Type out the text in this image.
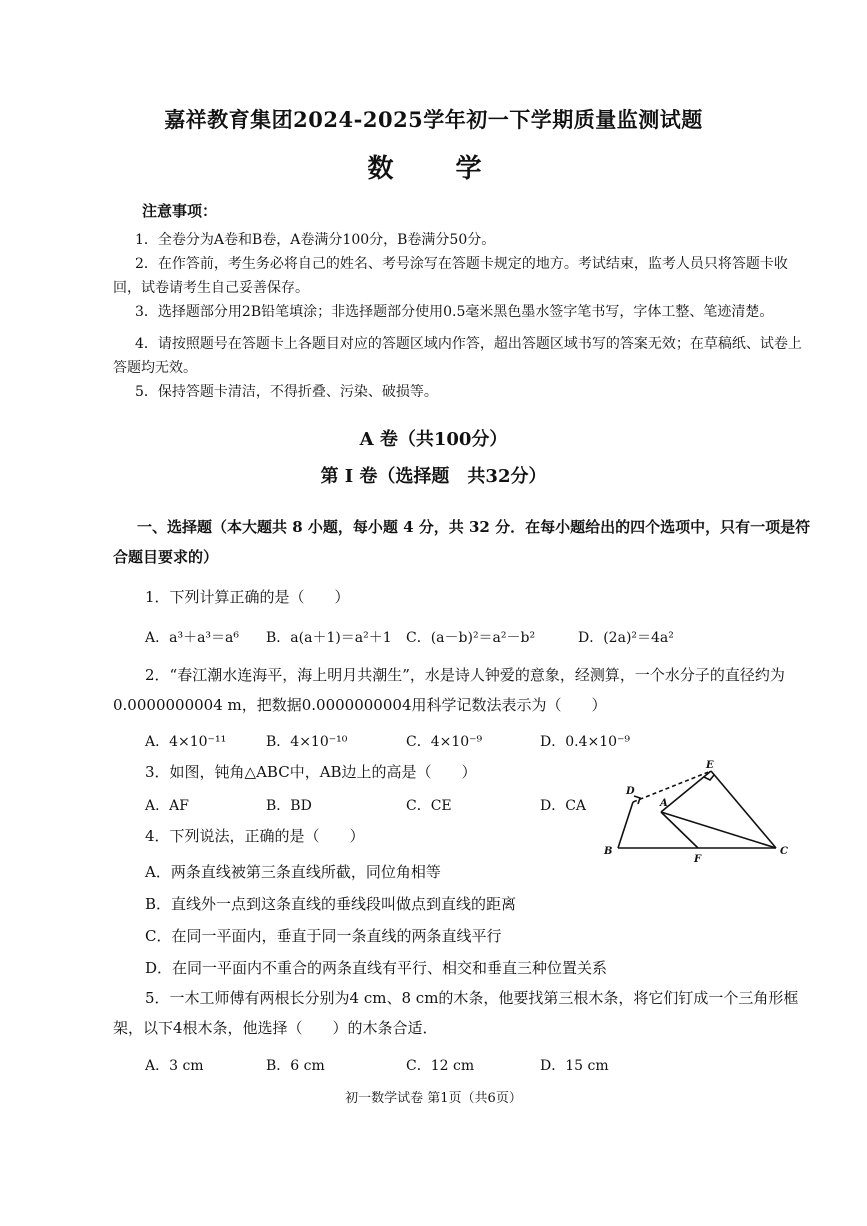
嘉祥教育集团2024-2025学年初一下学期质量监测试题
数　学
注意事项：
1．全卷分为A卷和B卷，A卷满分100分，B卷满分50分。
2．在作答前，考生务必将自己的姓名、考号涂写在答题卡规定的地方。考试结束，监考人员只将答题卡收回，试卷请考生自己妥善保存。
3．选择题部分用2B铅笔填涂；非选择题部分使用0.5毫米黑色墨水签字笔书写，字体工整、笔迹清楚。
4．请按照题号在答题卡上各题目对应的答题区域内作答，超出答题区域书写的答案无效；在草稿纸、试卷上答题均无效。
5．保持答题卡清洁，不得折叠、污染、破损等。
A 卷（共100分）
第 I 卷（选择题　共32分）
一、选择题（本大题共 8 小题，每小题 4 分，共 32 分．在每小题给出的四个选项中，只有一项是符合题目要求的）
1．下列计算正确的是（　　）
A．a³＋a³＝a⁶ B．a(a＋1)＝a²＋1 C．(a－b)²＝a²－b²	D．(2a)²＝4a²
2．“春江潮水连海平，海上明月共潮生”，水是诗人钟爱的意象，经测算，一个水分子的直径约为0.0000000004 m，把数据0.0000000004用科学记数法表示为（　　）
A．4×10⁻¹¹	B．4×10⁻¹⁰	C．4×10⁻⁹	D．0.4×10⁻⁹
3．如图，钝角△ABC中，AB边上的高是（　　）
A．AF	B．BD	C．CE	D．CA
E
D
A
B
F
C
4．下列说法，正确的是（　　）
A．两条直线被第三条直线所截，同位角相等
B．直线外一点到这条直线的垂线段叫做点到直线的距离
C．在同一平面内，垂直于同一条直线的两条直线平行
D．在同一平面内不重合的两条直线有平行、相交和垂直三种位置关系
5．一木工师傅有两根长分别为4 cm、8 cm的木条，他要找第三根木条，将它们钉成一个三角形框架，以下4根木条，他选择（　　）的木条合适．
A．3 cm	B．6 cm	C．12 cm	D．15 cm
初一数学试卷 第1页（共6页）
